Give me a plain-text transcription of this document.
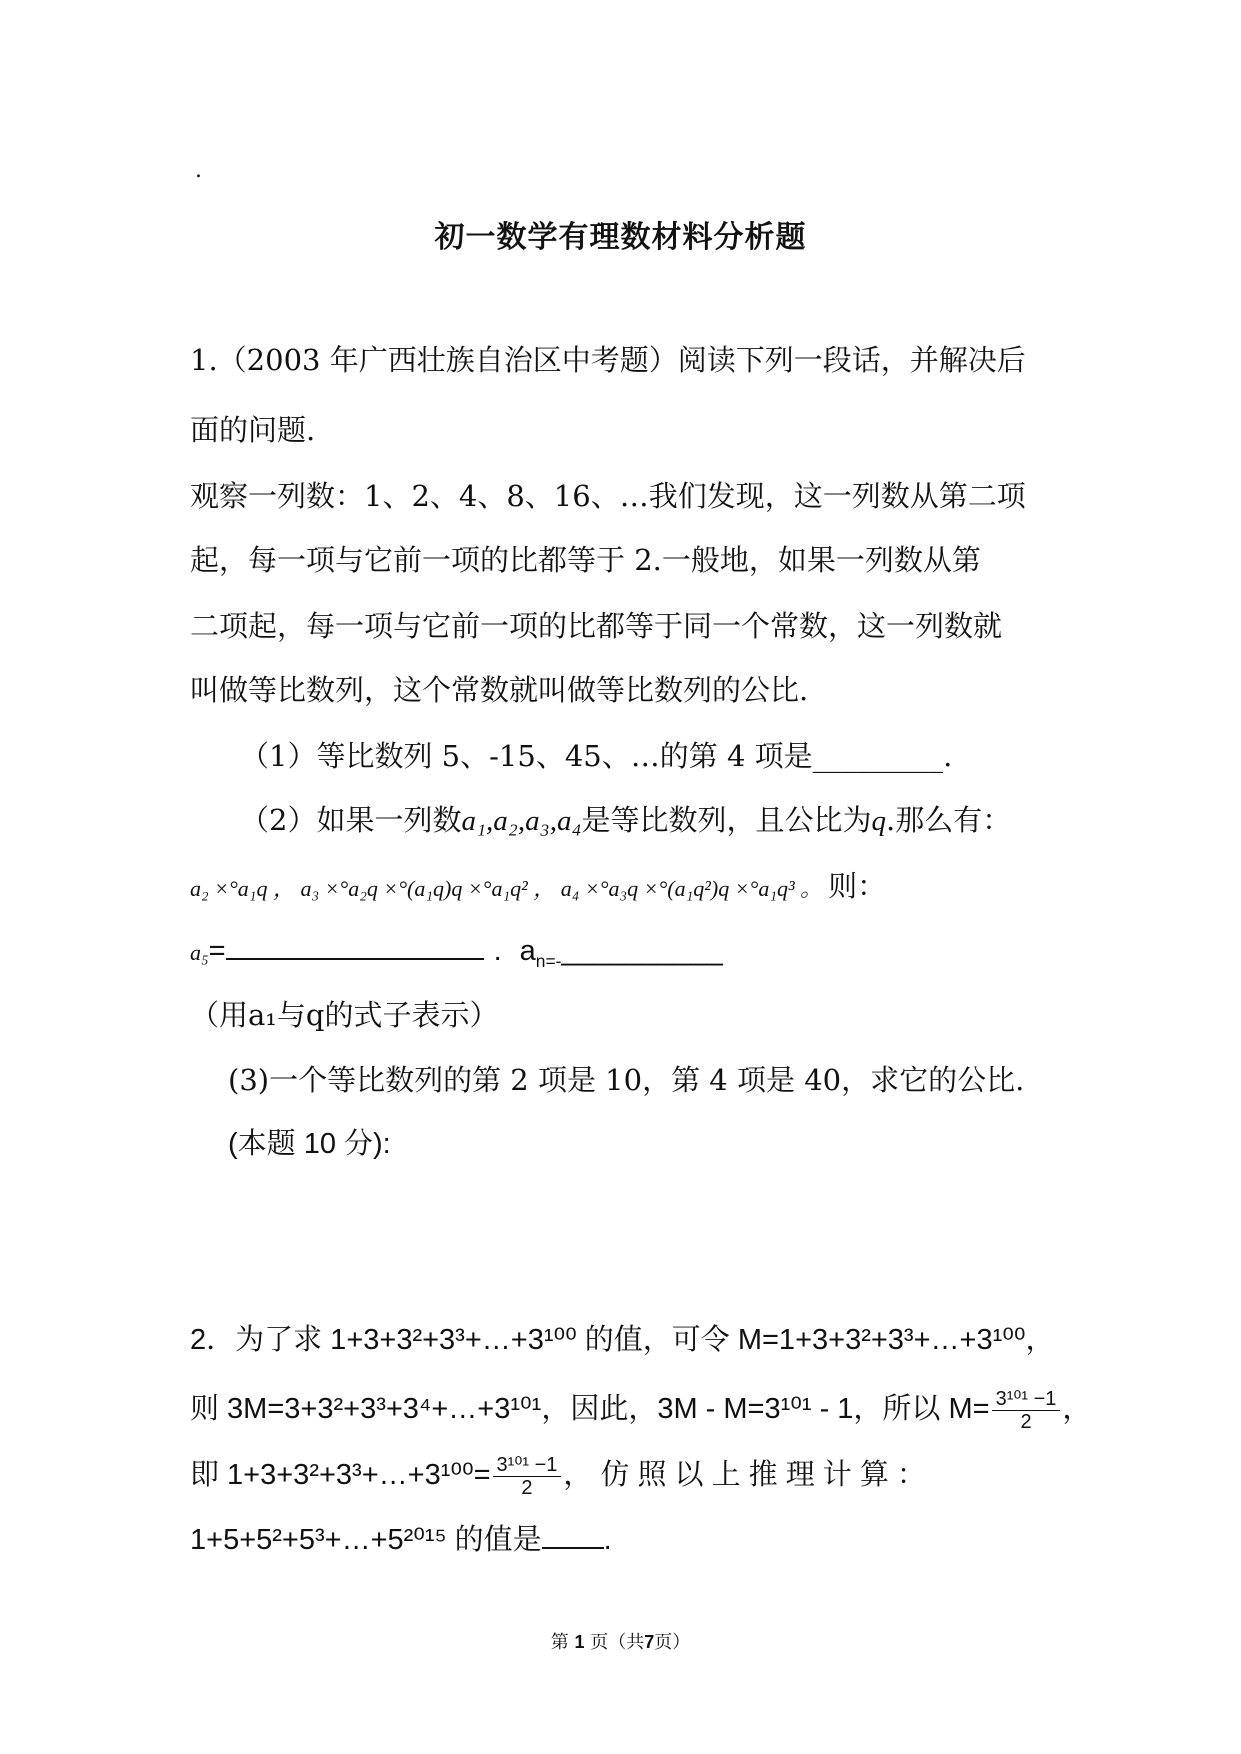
.
初一数学有理数材料分析题
1.（2003 年广西壮族自治区中考题）阅读下列一段话，并解决后
面的问题.
观察一列数：1、2、4、8、16、…我们发现，这一列数从第二项
起，每一项与它前一项的比都等于 2.一般地，如果一列数从第
二项起，每一项与它前一项的比都等于同一个常数，这一列数就
叫做等比数列，这个常数就叫做等比数列的公比.
（1）等比数列 5、-15、45、…的第 4 项是_________.
（2）如果一列数a₁,a₂,a₃,a₄是等比数列，且公比为q.那么有：
a₂ ×°a₁q ， a₃ ×°a₂q ×°(a₁q)q ×°a₁q² ， a₄ ×°a₃q ×°(a₁q²)q ×°a₁q³ 。 则：
a₅=	. $a_{n=-}\_\_\_\_\_\_\_\_\_\_$
（用a₁与q的式子表示）
(3)一个等比数列的第 2 项是 10，第 4 项是 40，求它的公比.
(本题 10 分):
2．为了求 1+3+3²+3³+…+3¹⁰⁰ 的值，可令 M=1+3+3²+3³+…+3¹⁰⁰，
则 3M=3+3²+3³+3⁴+…+3¹⁰¹，因此，3M - M=3¹⁰¹ - 1，所以 $M= \frac{\text{3¹⁰¹ −1}}{2}$ ，
即 1+3+3²+3³+…+3¹⁰⁰= $\frac{\text{3¹⁰¹ −1}}{2}$ ， 仿 照 以 上 推 理 计 算 ：
1+5+5²+5³+…+5²⁰¹⁵ 的值是 .
第 1 页（共7页）
